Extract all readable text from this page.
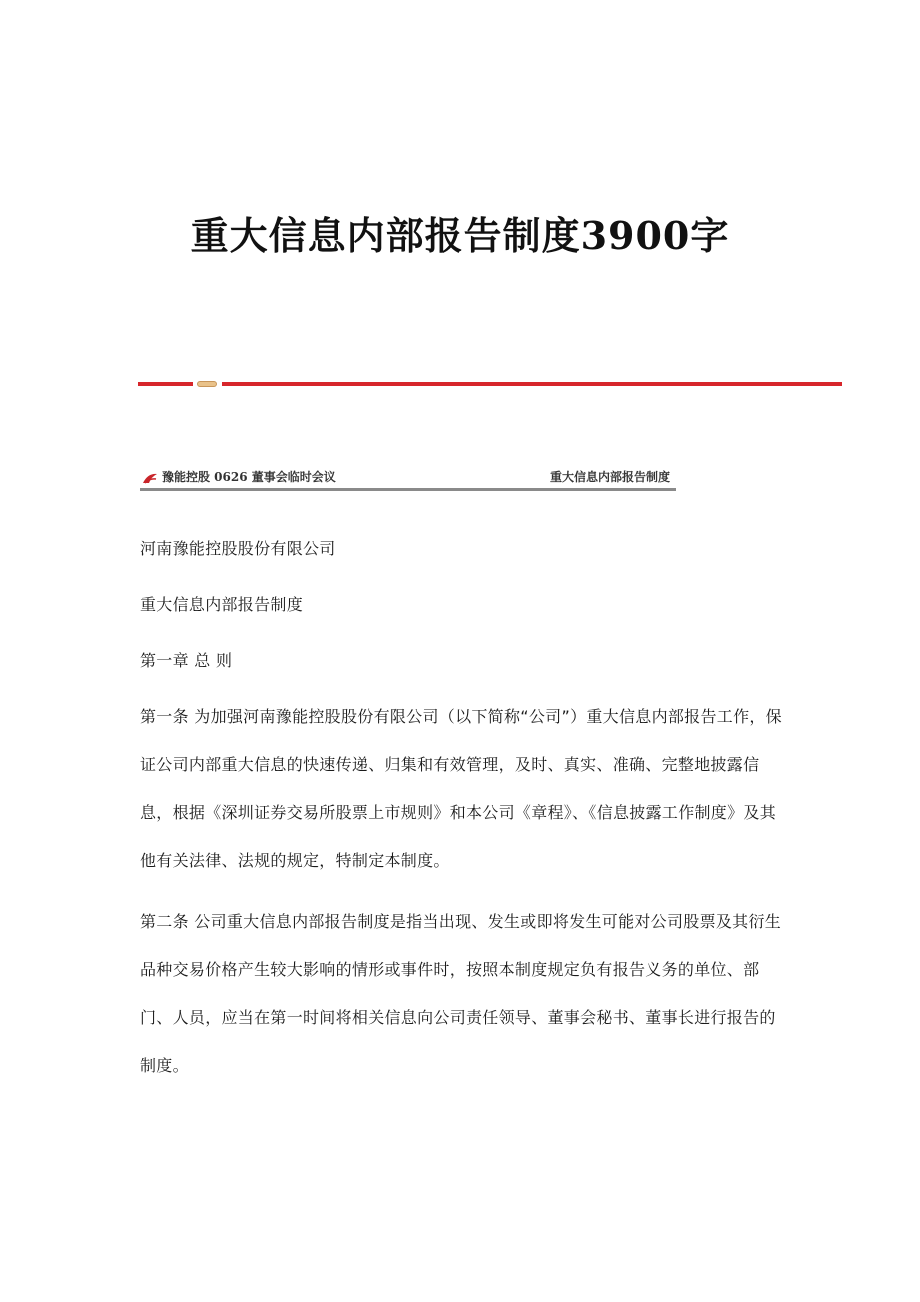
重大信息内部报告制度3900字
豫能控股 0626 董事会临时会议	重大信息内部报告制度

河南豫能控股股份有限公司

重大信息内部报告制度

第一章 总 则

第一条 为加强河南豫能控股股份有限公司（以下简称“公司”）重大信息内部报告工作，保证公司内部重大信息的快速传递、归集和有效管理，及时、真实、准确、完整地披露信息，根据《深圳证券交易所股票上市规则》和本公司《章程》、《信息披露工作制度》及其他有关法律、法规的规定，特制定本制度。

第二条 公司重大信息内部报告制度是指当出现、发生或即将发生可能对公司股票及其衍生品种交易价格产生较大影响的情形或事件时，按照本制度规定负有报告义务的单位、部门、人员，应当在第一时间将相关信息向公司责任领导、董事会秘书、董事长进行报告的制度。
